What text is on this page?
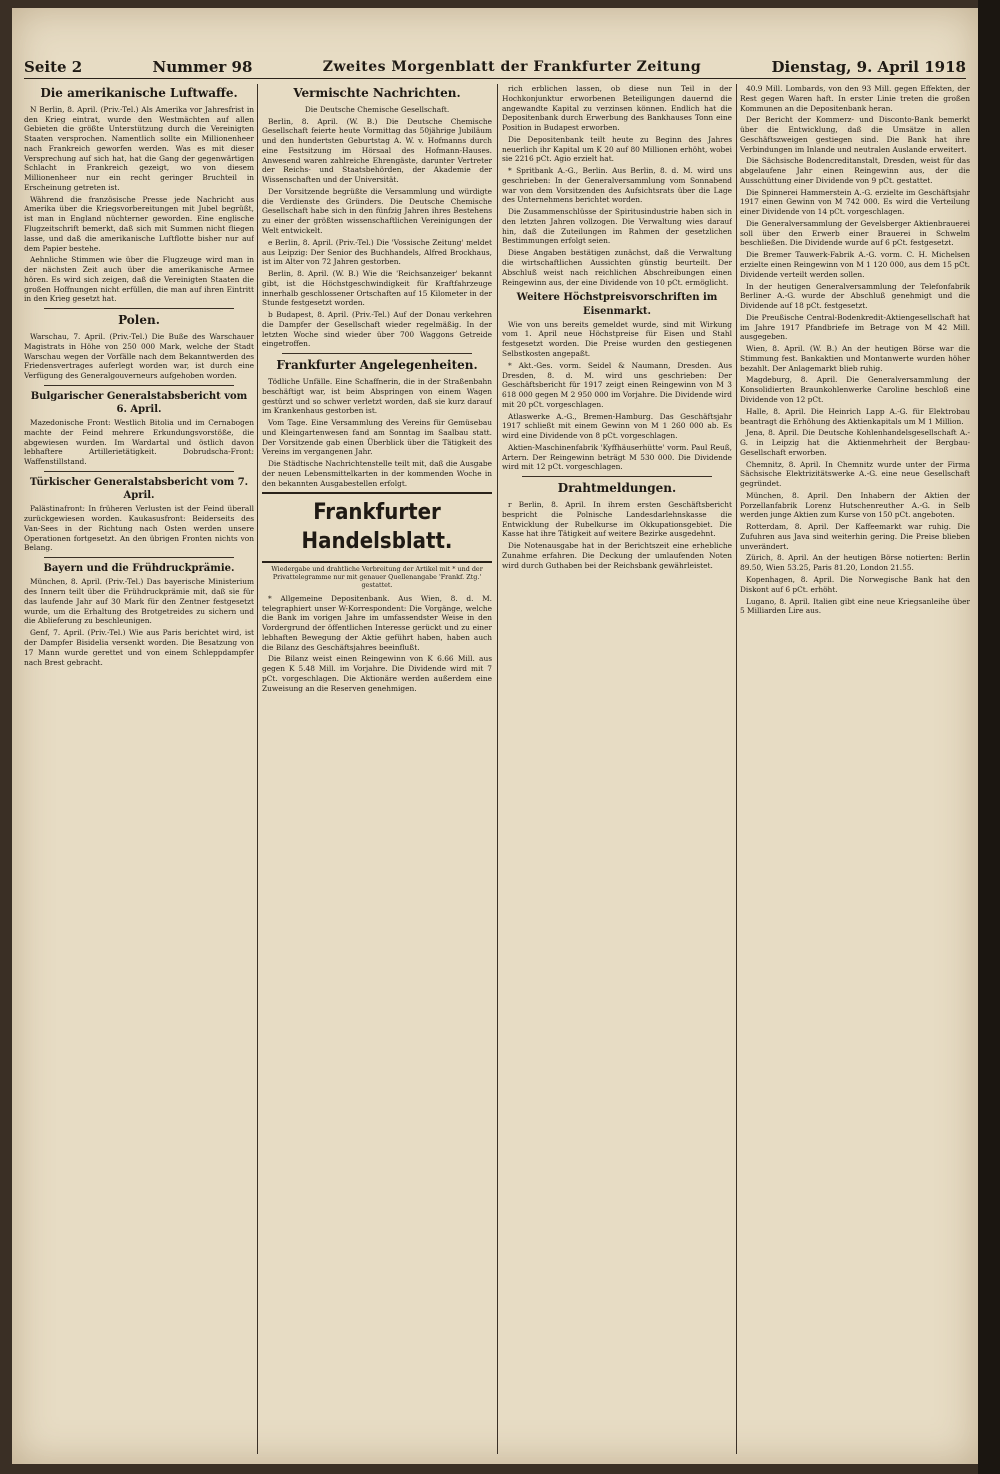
Seite 2	Nummer 98	Zweites Morgenblatt der Frankfurter Zeitung	Dienstag, 9. April 1918
Die amerikanische Luftwaffe.

N Berlin, 8. April. (Priv.-Tel.) Als Amerika vor Jahresfrist in den Krieg eintrat, wurde den Westmächten auf allen Gebieten die größte Unterstützung durch die Vereinigten Staaten versprochen. Namentlich sollte ein Millionenheer nach Frankreich geworfen werden. Was es mit dieser Versprechung auf sich hat, hat die Gang der gegenwärtigen Schlacht in Frankreich gezeigt, wo von diesem Millionenheer nur ein recht geringer Bruchteil in Erscheinung getreten ist.

Während die französische Presse jede Nachricht aus Amerika über die Kriegsvorbereitungen mit Jubel begrüßt, ist man in England nüchterner geworden. Eine englische Flugzeitschrift bemerkt, daß sich mit Summen nicht fliegen lasse, und daß die amerikanische Luftflotte bisher nur auf dem Papier bestehe.

Aehnliche Stimmen wie über die Flugzeuge wird man in der nächsten Zeit auch über die amerikanische Armee hören. Es wird sich zeigen, daß die Vereinigten Staaten die großen Hoffnungen nicht erfüllen, die man auf ihren Eintritt in den Krieg gesetzt hat.

Polen.

Warschau, 7. April. (Priv.-Tel.) Die Buße des Warschauer Magistrats in Höhe von 250 000 Mark, welche der Stadt Warschau wegen der Vorfälle nach dem Bekanntwerden des Friedensvertrages auferlegt worden war, ist durch eine Verfügung des Generalgouverneurs aufgehoben worden.

Bulgarischer Generalstabsbericht vom 6. April.

Mazedonische Front: Westlich Bitolia und im Cernabogen machte der Feind mehrere Erkundungsvorstöße, die abgewiesen wurden. Im Wardartal und östlich davon lebhaftere Artillerietätigkeit. Dobrudscha-Front: Waffenstillstand.

Türkischer Generalstabsbericht vom 7. April.

Palästinafront: In früheren Verlusten ist der Feind überall zurückgewiesen worden. Kaukasusfront: Beiderseits des Van-Sees in der Richtung nach Osten werden unsere Operationen fortgesetzt. An den übrigen Fronten nichts von Belang.

Bayern und die Frühdruckprämie.

München, 8. April. (Priv.-Tel.) Das bayerische Ministerium des Innern teilt über die Frühdruckprämie mit, daß sie für das laufende Jahr auf 30 Mark für den Zentner festgesetzt wurde, um die Erhaltung des Brotgetreides zu sichern und die Ablieferung zu beschleunigen.

Genf, 7. April. (Priv.-Tel.) Wie aus Paris berichtet wird, ist der Dampfer Bisidelia versenkt worden. Die Besatzung von 17 Mann wurde gerettet und von einem Schleppdampfer nach Brest gebracht.

Vermischte Nachrichten.
Die Deutsche Chemische Gesellschaft.

Berlin, 8. April. (W. B.) Die Deutsche Chemische Gesellschaft feierte heute Vormittag das 50jährige Jubiläum und den hundertsten Geburtstag A. W. v. Hofmanns durch eine Festsitzung im Hörsaal des Hofmann-Hauses. Anwesend waren zahlreiche Ehrengäste, darunter Vertreter der Reichs- und Staatsbehörden, der Akademie der Wissenschaften und der Universität.

Der Vorsitzende begrüßte die Versammlung und würdigte die Verdienste des Gründers. Die Deutsche Chemische Gesellschaft habe sich in den fünfzig Jahren ihres Bestehens zu einer der größten wissenschaftlichen Vereinigungen der Welt entwickelt.

e Berlin, 8. April. (Priv.-Tel.) Die 'Vossische Zeitung' meldet aus Leipzig: Der Senior des Buchhandels, Alfred Brockhaus, ist im Alter von 72 Jahren gestorben.

Berlin, 8. April. (W. B.) Wie die 'Reichsanzeiger' bekannt gibt, ist die Höchstgeschwindigkeit für Kraftfahrzeuge innerhalb geschlossener Ortschaften auf 15 Kilometer in der Stunde festgesetzt worden.

b Budapest, 8. April. (Priv.-Tel.) Auf der Donau verkehren die Dampfer der Gesellschaft wieder regelmäßig. In der letzten Woche sind wieder über 700 Waggons Getreide eingetroffen.

Frankfurter Angelegenheiten.

Tödliche Unfälle. Eine Schaffnerin, die in der Straßenbahn beschäftigt war, ist beim Abspringen von einem Wagen gestürzt und so schwer verletzt worden, daß sie kurz darauf im Krankenhaus gestorben ist.

Vom Tage. Eine Versammlung des Vereins für Gemüsebau und Kleingartenwesen fand am Sonntag im Saalbau statt. Der Vorsitzende gab einen Überblick über die Tätigkeit des Vereins im vergangenen Jahr.

Die Städtische Nachrichtenstelle teilt mit, daß die Ausgabe der neuen Lebensmittelkarten in der kommenden Woche in den bekannten Ausgabestellen erfolgt.

Frankfurter Handelsblatt.
Wiedergabe und drahtliche Verbreitung der Artikel mit * und der Privattelegramme nur mit genauer Quellenangabe 'Frankf. Ztg.' gestattet.

* Allgemeine Depositenbank. Aus Wien, 8. d. M. telegraphiert unser W-Korrespondent: Die Vorgänge, welche die Bank im vorigen Jahre im umfassendster Weise in den Vordergrund der öffentlichen Interesse gerückt und zu einer lebhaften Bewegung der Aktie geführt haben, haben auch die Bilanz des Geschäftsjahres beeinflußt.

Die Bilanz weist einen Reingewinn von K 6.66 Mill. aus gegen K 5.48 Mill. im Vorjahre. Die Dividende wird mit 7 pCt. vorgeschlagen. Die Aktionäre werden außerdem eine Zuweisung an die Reserven genehmigen.

rich erblichen lassen, ob diese nun Teil in der Hochkonjunktur erworbenen Beteiligungen dauernd die angewandte Kapital zu verzinsen können. Endlich hat die Depositenbank durch Erwerbung des Bankhauses Tonn eine Position in Budapest erworben.

Die Depositenbank teilt heute zu Beginn des Jahres neuerlich ihr Kapital um K 20 auf 80 Millionen erhöht, wobei sie 2216 pCt. Agio erzielt hat.

* Spritbank A.-G., Berlin. Aus Berlin, 8. d. M. wird uns geschrieben: In der Generalversammlung vom Sonnabend war von dem Vorsitzenden des Aufsichtsrats über die Lage des Unternehmens berichtet worden.

Die Zusammenschlüsse der Spiritusindustrie haben sich in den letzten Jahren vollzogen. Die Verwaltung wies darauf hin, daß die Zuteilungen im Rahmen der gesetzlichen Bestimmungen erfolgt seien.

Diese Angaben bestätigen zunächst, daß die Verwaltung die wirtschaftlichen Aussichten günstig beurteilt. Der Abschluß weist nach reichlichen Abschreibungen einen Reingewinn aus, der eine Dividende von 10 pCt. ermöglicht.

Weitere Höchstpreisvorschriften im Eisenmarkt.

Wie von uns bereits gemeldet wurde, sind mit Wirkung vom 1. April neue Höchstpreise für Eisen und Stahl festgesetzt worden. Die Preise wurden den gestiegenen Selbstkosten angepaßt.

* Akt.-Ges. vorm. Seidel & Naumann, Dresden. Aus Dresden, 8. d. M. wird uns geschrieben: Der Geschäftsbericht für 1917 zeigt einen Reingewinn von M 3 618 000 gegen M 2 950 000 im Vorjahre. Die Dividende wird mit 20 pCt. vorgeschlagen.

Atlaswerke A.-G., Bremen-Hamburg. Das Geschäftsjahr 1917 schließt mit einem Gewinn von M 1 260 000 ab. Es wird eine Dividende von 8 pCt. vorgeschlagen.

Aktien-Maschinenfabrik 'Kyffhäuserhütte' vorm. Paul Reuß, Artern. Der Reingewinn beträgt M 530 000. Die Dividende wird mit 12 pCt. vorgeschlagen.

Drahtmeldungen.

r Berlin, 8. April. In ihrem ersten Geschäftsbericht bespricht die Polnische Landesdarlehnskasse die Entwicklung der Rubelkurse im Okkupationsgebiet. Die Kasse hat ihre Tätigkeit auf weitere Bezirke ausgedehnt.

Die Notenausgabe hat in der Berichtszeit eine erhebliche Zunahme erfahren. Die Deckung der umlaufenden Noten wird durch Guthaben bei der Reichsbank gewährleistet.

40.9 Mill. Lombards, von den 93 Mill. gegen Effekten, der Rest gegen Waren haft. In erster Linie treten die großen Kommunen an die Depositenbank heran.

Der Bericht der Kommerz- und Disconto-Bank bemerkt über die Entwicklung, daß die Umsätze in allen Geschäftszweigen gestiegen sind. Die Bank hat ihre Verbindungen im Inlande und neutralen Auslande erweitert.

Die Sächsische Bodencreditanstalt, Dresden, weist für das abgelaufene Jahr einen Reingewinn aus, der die Ausschüttung einer Dividende von 9 pCt. gestattet.

Die Spinnerei Hammerstein A.-G. erzielte im Geschäftsjahr 1917 einen Gewinn von M 742 000. Es wird die Verteilung einer Dividende von 14 pCt. vorgeschlagen.

Die Generalversammlung der Gevelsberger Aktienbrauerei soll über den Erwerb einer Brauerei in Schwelm beschließen. Die Dividende wurde auf 6 pCt. festgesetzt.

Die Bremer Tauwerk-Fabrik A.-G. vorm. C. H. Michelsen erzielte einen Reingewinn von M 1 120 000, aus dem 15 pCt. Dividende verteilt werden sollen.

In der heutigen Generalversammlung der Telefonfabrik Berliner A.-G. wurde der Abschluß genehmigt und die Dividende auf 18 pCt. festgesetzt.

Die Preußische Central-Bodenkredit-Aktiengesellschaft hat im Jahre 1917 Pfandbriefe im Betrage von M 42 Mill. ausgegeben.

Wien, 8. April. (W. B.) An der heutigen Börse war die Stimmung fest. Bankaktien und Montanwerte wurden höher bezahlt. Der Anlagemarkt blieb ruhig.

Magdeburg, 8. April. Die Generalversammlung der Konsolidierten Braunkohlenwerke Caroline beschloß eine Dividende von 12 pCt.

Halle, 8. April. Die Heinrich Lapp A.-G. für Elektrobau beantragt die Erhöhung des Aktienkapitals um M 1 Million.

Jena, 8. April. Die Deutsche Kohlenhandelsgesellschaft A.-G. in Leipzig hat die Aktienmehrheit der Bergbau-Gesellschaft erworben.

Chemnitz, 8. April. In Chemnitz wurde unter der Firma Sächsische Elektrizitätswerke A.-G. eine neue Gesellschaft gegründet.

München, 8. April. Den Inhabern der Aktien der Porzellanfabrik Lorenz Hutschenreuther A.-G. in Selb werden junge Aktien zum Kurse von 150 pCt. angeboten.

Rotterdam, 8. April. Der Kaffeemarkt war ruhig. Die Zufuhren aus Java sind weiterhin gering. Die Preise blieben unverändert.

Zürich, 8. April. An der heutigen Börse notierten: Berlin 89.50, Wien 53.25, Paris 81.20, London 21.55.

Kopenhagen, 8. April. Die Norwegische Bank hat den Diskont auf 6 pCt. erhöht.

Lugano, 8. April. Italien gibt eine neue Kriegsanleihe über 5 Milliarden Lire aus.
